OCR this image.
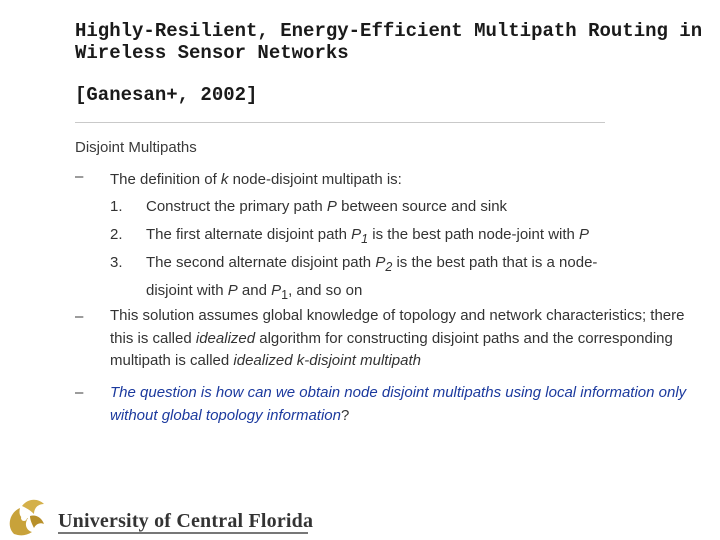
Highly-Resilient, Energy-Efficient Multipath Routing in
Wireless Sensor Networks
[Ganesan+, 2002]
Disjoint Multipaths
– The definition of k node-disjoint multipath is:
1. Construct the primary path P between source and sink
2. The first alternate disjoint path $P_1$ is the best path node-joint with P
3. The second alternate disjoint path $P_2$ is the best path that is a node-
disjoint with P and $P_1$, and so on
– This solution assumes global knowledge of topology and network characteristics; there this is called idealized algorithm for constructing disjoint paths and the corresponding multipath is called idealized k-disjoint multipath
– The question is how can we obtain node disjoint multipaths using local information only without global topology information?
University of Central Florida
